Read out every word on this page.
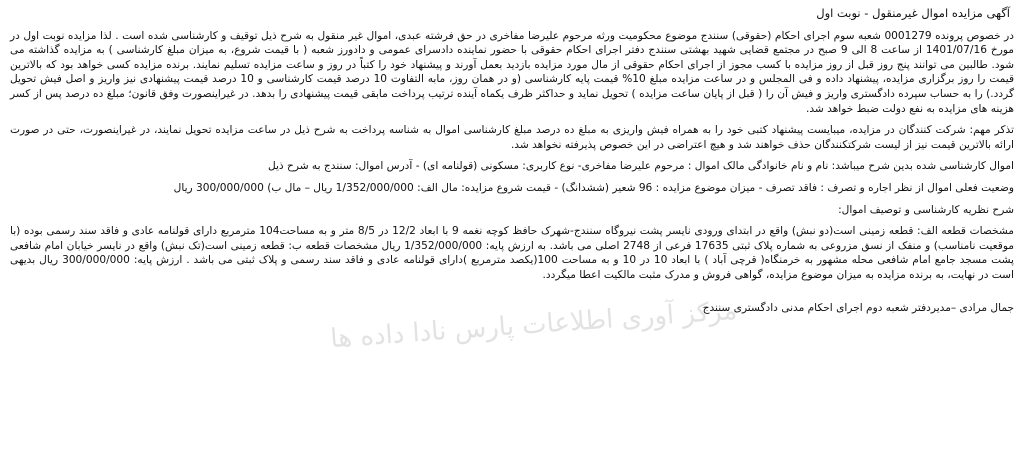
آگهی مزایده اموال غیرمنقول - نوبت اول

در خصوص پرونده 0001279 شعبه سوم اجرای احکام (حقوقی) سنندج موضوع محکومیت ورثه مرحوم علیرضا مفاخری در حق فرشته عبدی، اموال غیر منقول به شرح ذیل توقیف و کارشناسی شده است . لذا مزایده نوبت اول در مورخ 1401/07/16 از ساعت 8 الی 9 صبح در مجتمع قضایی شهید بهشتی سنندج دفتر اجرای احکام حقوقی با حضور نماینده دادسرای عمومی و دادورز شعبه ( با قیمت شروع، به میزان مبلغ کارشناسی ) به مزایده گذاشته می شود. طالبین می توانند پنج روز قبل از روز مزایده با کسب مجوز از اجرای احکام حقوقی از مال مورد مزایده بازدید بعمل آورند و پیشنهاد خود را کتباً در روز و ساعت مزایده تسلیم نمایند. برنده مزایده کسی خواهد بود که بالاترین قیمت را روز برگزاری مزایده، پیشنهاد داده و فی المجلس و در ساعت مزایده مبلغ 10% قیمت پایه کارشناسی (و در همان روز، مابه التفاوت 10 درصد قیمت کارشناسی و 10 درصد قیمت پیشنهادی نیز واریز و اصل فیش تحویل گردد.) را به حساب سپرده دادگستری واریز و فیش آن را ( قبل از پایان ساعت مزایده ) تحویل نماید و حداکثر ظرف یکماه آینده ترتیب پرداخت مابقی قیمت پیشنهادی را بدهد. در غیراینصورت وفق قانون؛ مبلغ ده درصد پس از کسر هزینه های مزایده به نفع دولت ضبط خواهد شد.

تذکر مهم: شرکت کنندگان در مزایده، میبایست پیشنهاد کتبی خود را به همراه فیش واریزی به مبلغ ده درصد مبلغ کارشناسی اموال به شناسه پرداخت به شرح ذیل در ساعت مزایده تحویل نمایند، در غیراینصورت، حتی در صورت ارائه بالاترین قیمت نیز از لیست شرکتکنندگان حذف خواهند شد و هیچ اعتراضی در این خصوص پذیرفته نخواهد شد.

اموال کارشناسی شده بدین شرح میباشد: نام و نام خانوادگی مالک اموال : مرحوم علیرضا مفاخری- نوع کاربری: مسکونی (قولنامه ای) - آدرس اموال: سنندج به شرح ذیل

وضعیت فعلی اموال از نظر اجاره و تصرف : فاقد تصرف - میزان موضوع مزایده : 96 شعیر (ششدانگ) - قیمت شروع مزایده: مال الف: 1/352/000/000 ریال – مال ب) 300/000/000 ریال

شرح نظریه کارشناسی و توصیف اموال:

مشخصات قطعه الف: قطعه زمینی است(دو نبش) واقع در ابتدای ورودی نایسر پشت نیروگاه سنندج-شهرک حافظ کوچه نغمه 9 با ابعاد 12/2 در 8/5 متر و به مساحت104 مترمربع دارای قولنامه عادی و فاقد سند رسمی بوده (با موقعیت نامناسب) و منفک از نسق مزروعی به شماره پلاک ثبتی 17635 فرعی از 2748 اصلی می باشد. به ارزش پایه: 1/352/000/000 ریال مشخصات قطعه ب: قطعه زمینی است(تک نبش) واقع در نایسر خیابان امام شافعی پشت مسجد جامع امام شافعی محله مشهور به خرمنگاه( قرچی آباد ) با ابعاد 10 در 10 و به مساحت 100(یکصد مترمربع )دارای قولنامه عادی و فاقد سند رسمی و پلاک ثبتی می باشد . ارزش پایه: 300/000/000 ریال بدیهی است در نهایت، به برنده مزایده به میزان موضوع مزایده، گواهی فروش و مدرک مثبت مالکیت اعطا میگردد.

جمال مرادی –مدیردفتر شعبه دوم اجرای احکام مدنی دادگستری سنندج

مرکز آوری اطلاعات پارس نادا داده ها
